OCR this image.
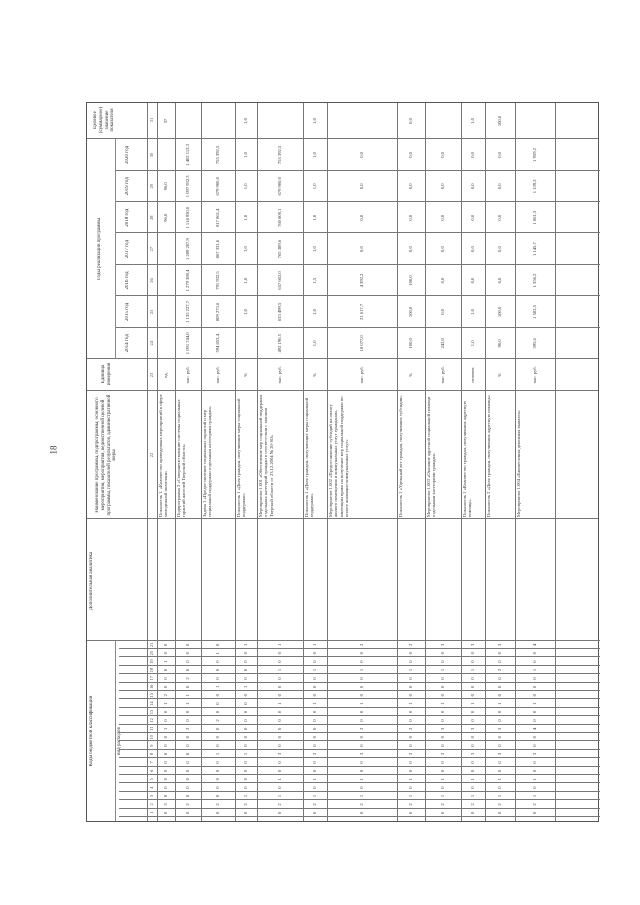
18
Коды бюджетной классификации	вид расходов
Дополнительная аналитика
Наименование программы, подпрограммы, основного мероприятия, мероприятия, ведомственной целевой программы, показателей результатов, административной меры
Единица измерения
Годы реализации программы
Целевое (суммарное) значение показателя
2014 год
2015 год
2016 год
2017 год
2018 год
2019 год
2020 год
1
2
3
4
5
6
7
8
9
10
11
12
13
14
15
16
17
18
19
20
21
22
23
24
25
26
27
28
29
30
31
0
3
0
0
0
0
0
0
0
0
1
0
0
1
2
0
0
0
1
0
0
Показатель 1. «Количество проведенных мероприятий в сфере молодежной политики»
ед.
96,0
96,0
37
0
2
0
0
0
0
0
0
0
0
2
0
0
1
1
0
2
0
0
0
0
Подпрограмма 2 «Совершенствование системы социальных гарантий жителей Тверской области»
тыс. руб.
1 091 744,0
1 135 227,7
1 279 389,4
1 289 207,9
1 114 950,0
1 097 932,3
1 402 113,3
0
2
0
0
0
0
0
1
0
0
0
2
0
0
0
1
0
0
0
1
0
Задача 1 «Предоставление социальных гарантий и мер социальной поддержки отдельным категориям граждан»
тыс. руб.
594 853,4
809 273,6
791 932,5
867 331,6
817 861,4
679 900,0
755 392,5
0
2
1
0
0
0
0
1
0
0
0
0
0
0
0
1
0
0
0
0
1
Показатель 1 «Доля граждан, получивших меры социальной поддержки»
%
1,0
1,0
1,0
1,0
1,0
1,0
1,0
0
2
1
0
1
0
0
3
0
0
0
0
0
1
0
0
0
1
0
0
1
Мероприятие 1.001 «Обеспечение мер социальной поддержки отдельных категорий граждан в соответствии с законом Тверской области от 23.12.2004 № 20-ЗО»
тыс. руб.
492 190,5
633 499,5
657 602,0
765 389,6
760 800,1
679 900,0
755 392,5
0
2
1
0
1
0
0
3
0
0
0
0
0
1
0
0
0
1
0
0
1
Показатель 1 «Доля граждан, получающих меры социальной поддержки»
%
1,0
1,0
1,5
1,0
1,0
1,0
1,0
1,0
0
2
1
0
1
0
0
3
0
0
2
0
0
1
0
0
0
1
0
0
2
Мероприятие 1.002 «Предоставление субсидий на оплату жилого помещения и коммунальных услуг гражданам, имеющим право на получение мер социальной поддержки по оплате жилищно-коммунальных услуг»
тыс. руб.
18 077,0
21 617,7
4 392,2
0,0
0,0
0,0
0,0
0
2
1
0
1
0
0
3
0
0
2
0
0
1
0
0
0
1
0
0
2
Показатель 1 «Удельный вес граждан, получивших субсидии»
%
100,0
100,0
100,0
0,0
0,0
0,0
0,0
0,0
0
2
1
0
1
0
0
3
0
0
3
0
0
1
0
0
0
1
0
0
3
Мероприятие 1.003 «Оказание адресной социальной помощи отдельным категориям граждан»
тыс. руб.
242,0
0,0
0,0
0,0
0,0
0,0
0,0
0
2
1
0
1
0
0
3
0
0
3
0
0
1
0
0
0
1
0
0
3
Показатель 1 «Количество граждан, получивших адресную помощь»
человек
1,0
1,0
0,0
0,0
0,0
0,0
0,0
1,0
0
2
1
0
1
0
0
3
0
0
3
0
0
1
0
0
0
2
0
0
3
Показатель 2 «Доля граждан, получивших адресную помощь»
%
90,0
100,0
0,0
0,0
0,0
0,0
0,0
100,0
0
2
1
0
1
0
0
3
0
0
4
0
0
1
0
0
0
1
0
0
4
Мероприятие 1.004 «Ежемесячная денежная выплата»
тыс. руб.
595,6
1 582,5
1 356,2
1 145,7
1 061,3
1 139,2
1 959,2
